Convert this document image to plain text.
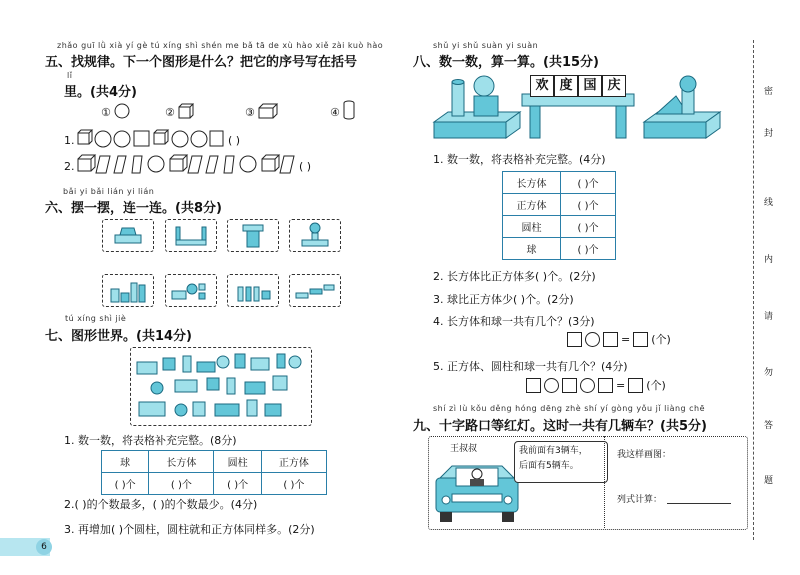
zhǎo guī lǜ xià yí gè tú xíng shì shén me bǎ tā de xù hào xiě zài kuò hào
五、找规律。下一个图形是什么？把它的序号写在括号
lǐ
里。(共4分)
①	②	③	④
1.	( )
2.	( )
bǎi yi bǎi lián yi lián
六、摆一摆，连一连。(共8分)
tú xíng shì jiè
七、图形世界。(共14分)
1. 数一数，将表格补充完整。(8分)
球	长方体	圆柱	正方体
( )个	( )个	( )个	( )个
2.( )的个数最多，( )的个数最少。(4分)
3. 再增加( )个圆柱，圆柱就和正方体同样多。(2分)
6
shǔ yi shǔ suàn yi suàn
八、数一数，算一算。(共15分)
欢 度 国 庆
1. 数一数，将表格补充完整。(4分)
长方体	( )个
正方体	( )个
圆柱	( )个
球	( )个
2. 长方体比正方体多( )个。(2分)
3. 球比正方体少( )个。(2分)
4. 长方体和球一共有几个？(3分)
= (个)
5. 正方体、圆柱和球一共有几个？(4分)
= (个)
shí zì lù kǒu děng hóng dēng zhè shí yí gòng yǒu jǐ liàng chē
九、十字路口等红灯。这时一共有几辆车？(共5分)
王叔叔	我前面有3辆车，
后面有5辆车。
我这样画图：
列式计算：
密
封
线
内
请
勿
答
题
